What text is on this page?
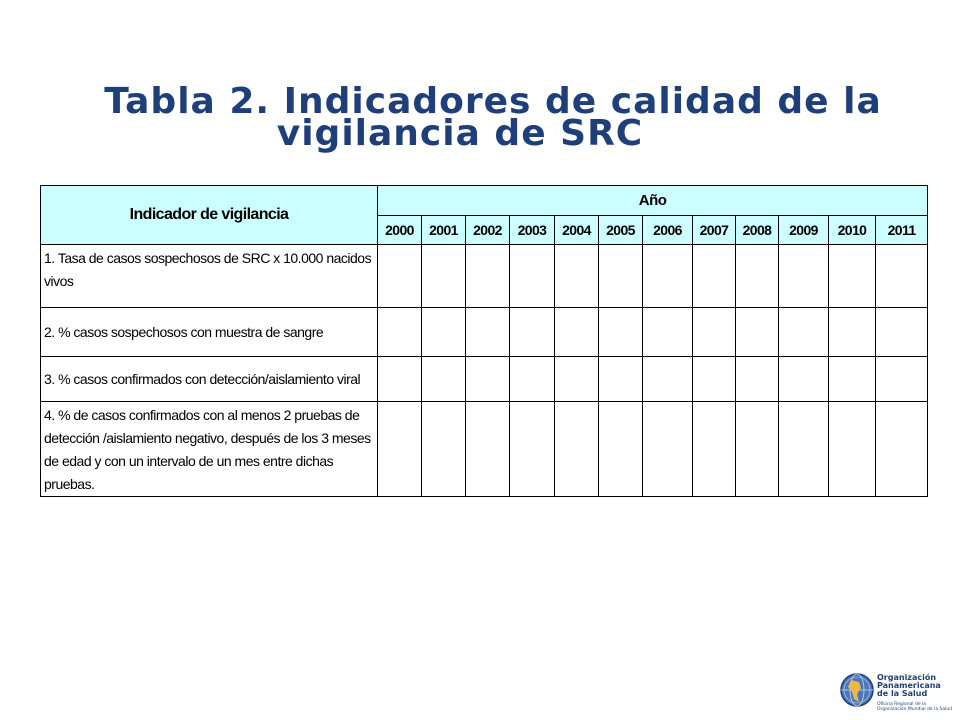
Tabla 2. Indicadores de calidad de la
vigilancia de SRC
Indicador de vigilancia	Año											
	2000	2001	2002	2003	2004	2005	2006	2007	2008	2009	2010	2011
1. Tasa de casos sospechosos de SRC x 10.000 nacidos vivos												
2. % casos sospechosos con muestra de sangre												
3. % casos confirmados con detección/aislamiento viral												
4. % de casos confirmados con al menos 2 pruebas de detección /aislamiento negativo, después de los 3 meses de edad y con un intervalo de un mes entre dichas pruebas.												
Organización
Panamericana
de la Salud
Oficina Regional de la
Organización Mundial de la Salud
